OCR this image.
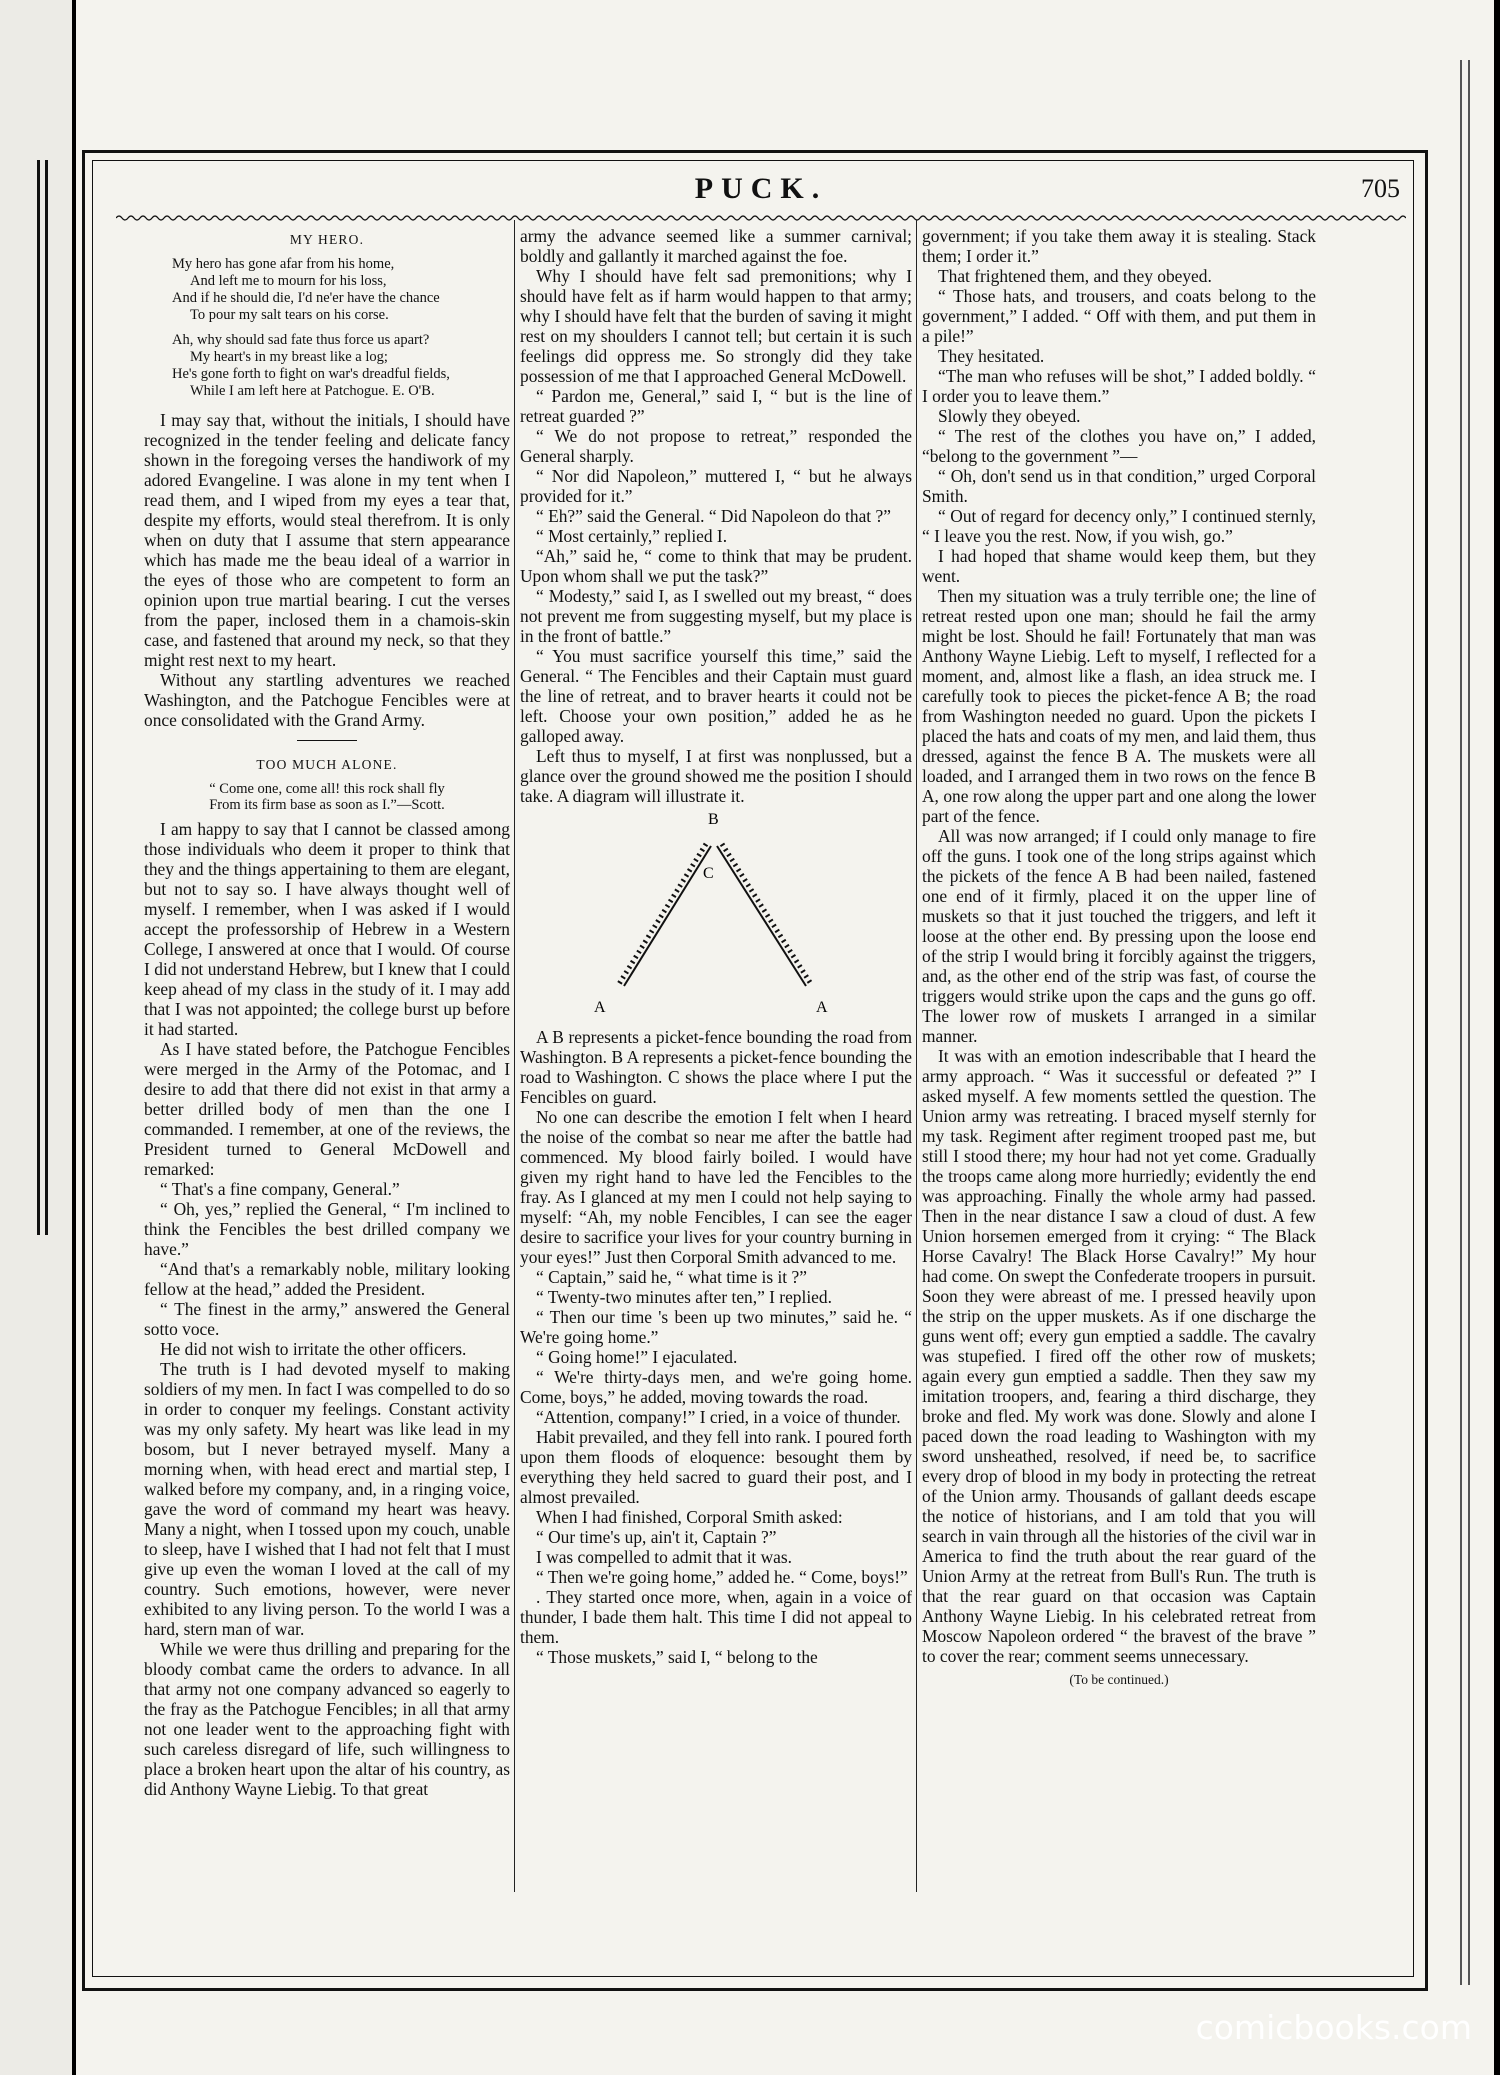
PUCK.	705
MY HERO.
My hero has gone afar from his home,
And left me to mourn for his loss,
And if he should die, I'd ne'er have the chance
To pour my salt tears on his corse.
Ah, why should sad fate thus force us apart?
My heart's in my breast like a log;
He's gone forth to fight on war's dreadful fields,
While I am left here at Patchogue. E. O'B.

I may say that, without the initials, I should have recognized in the tender feeling and delicate fancy shown in the foregoing verses the handiwork of my adored Evangeline. I was alone in my tent when I read them, and I wiped from my eyes a tear that, despite my efforts, would steal therefrom. It is only when on duty that I assume that stern appearance which has made me the beau ideal of a warrior in the eyes of those who are competent to form an opinion upon true martial bearing. I cut the verses from the paper, inclosed them in a chamois-skin case, and fastened that around my neck, so that they might rest next to my heart.

Without any startling adventures we reached Washington, and the Patchogue Fencibles were at once consolidated with the Grand Army.

TOO MUCH ALONE.
“ Come one, come all! this rock shall fly
From its firm base as soon as I.”—Scott.

I am happy to say that I cannot be classed among those individuals who deem it proper to think that they and the things appertaining to them are elegant, but not to say so. I have always thought well of myself. I remember, when I was asked if I would accept the professorship of Hebrew in a Western College, I answered at once that I would. Of course I did not understand Hebrew, but I knew that I could keep ahead of my class in the study of it. I may add that I was not appointed; the college burst up before it had started.

As I have stated before, the Patchogue Fencibles were merged in the Army of the Potomac, and I desire to add that there did not exist in that army a better drilled body of men than the one I commanded. I remember, at one of the reviews, the President turned to General McDowell and remarked:

“ That's a fine company, General.”

“ Oh, yes,” replied the General, “ I'm inclined to think the Fencibles the best drilled company we have.”

“And that's a remarkably noble, military looking fellow at the head,” added the President.

“ The finest in the army,” answered the General sotto voce.

He did not wish to irritate the other officers.

The truth is I had devoted myself to making soldiers of my men. In fact I was compelled to do so in order to conquer my feelings. Constant activity was my only safety. My heart was like lead in my bosom, but I never betrayed myself. Many a morning when, with head erect and martial step, I walked before my company, and, in a ringing voice, gave the word of command my heart was heavy. Many a night, when I tossed upon my couch, unable to sleep, have I wished that I had not felt that I must give up even the woman I loved at the call of my country. Such emotions, however, were never exhibited to any living person. To the world I was a hard, stern man of war.

While we were thus drilling and preparing for the bloody combat came the orders to advance. In all that army not one company advanced so eagerly to the fray as the Patchogue Fencibles; in all that army not one leader went to the approaching fight with such careless disregard of life, such willingness to place a broken heart upon the altar of his country, as did Anthony Wayne Liebig. To that great

army the advance seemed like a summer carnival; boldly and gallantly it marched against the foe.

Why I should have felt sad premonitions; why I should have felt as if harm would happen to that army; why I should have felt that the burden of saving it might rest on my shoulders I cannot tell; but certain it is such feelings did oppress me. So strongly did they take possession of me that I approached General McDowell.

“ Pardon me, General,” said I, “ but is the line of retreat guarded ?”

“ We do not propose to retreat,” responded the General sharply.

“ Nor did Napoleon,” muttered I, “ but he always provided for it.”

“ Eh?” said the General. “ Did Napoleon do that ?”

“ Most certainly,” replied I.

“Ah,” said he, “ come to think that may be prudent. Upon whom shall we put the task?”

“ Modesty,” said I, as I swelled out my breast, “ does not prevent me from suggesting myself, but my place is in the front of battle.”

“ You must sacrifice yourself this time,” said the General. “ The Fencibles and their Captain must guard the line of retreat, and to braver hearts it could not be left. Choose your own position,” added he as he galloped away.

Left thus to myself, I at first was nonplussed, but a glance over the ground showed me the position I should take. A diagram will illustrate it.

B
C
A	A

A B represents a picket-fence bounding the road from Washington. B A represents a picket-fence bounding the road to Washington. C shows the place where I put the Fencibles on guard.

No one can describe the emotion I felt when I heard the noise of the combat so near me after the battle had commenced. My blood fairly boiled. I would have given my right hand to have led the Fencibles to the fray. As I glanced at my men I could not help saying to myself: “Ah, my noble Fencibles, I can see the eager desire to sacrifice your lives for your country burning in your eyes!” Just then Corporal Smith advanced to me.

“ Captain,” said he, “ what time is it ?”

“ Twenty-two minutes after ten,” I replied.

“ Then our time 's been up two minutes,” said he. “ We're going home.”

“ Going home!” I ejaculated.

“ We're thirty-days men, and we're going home. Come, boys,” he added, moving towards the road.

“Attention, company!” I cried, in a voice of thunder.

Habit prevailed, and they fell into rank. I poured forth upon them floods of eloquence: besought them by everything they held sacred to guard their post, and I almost prevailed.

When I had finished, Corporal Smith asked:

“ Our time's up, ain't it, Captain ?”

I was compelled to admit that it was.

“ Then we're going home,” added he. “ Come, boys!”

. They started once more, when, again in a voice of thunder, I bade them halt. This time I did not appeal to them.

“ Those muskets,” said I, “ belong to the

government; if you take them away it is stealing. Stack them; I order it.”

That frightened them, and they obeyed.

“ Those hats, and trousers, and coats belong to the government,” I added. “ Off with them, and put them in a pile!”

They hesitated.

“The man who refuses will be shot,” I added boldly. “ I order you to leave them.”

Slowly they obeyed.

“ The rest of the clothes you have on,” I added, “belong to the government ”—

“ Oh, don't send us in that condition,” urged Corporal Smith.

“ Out of regard for decency only,” I continued sternly, “ I leave you the rest. Now, if you wish, go.”

I had hoped that shame would keep them, but they went.

Then my situation was a truly terrible one; the line of retreat rested upon one man; should he fail the army might be lost. Should he fail! Fortunately that man was Anthony Wayne Liebig. Left to myself, I reflected for a moment, and, almost like a flash, an idea struck me. I carefully took to pieces the picket-fence A B; the road from Washington needed no guard. Upon the pickets I placed the hats and coats of my men, and laid them, thus dressed, against the fence B A. The muskets were all loaded, and I arranged them in two rows on the fence B A, one row along the upper part and one along the lower part of the fence.

All was now arranged; if I could only manage to fire off the guns. I took one of the long strips against which the pickets of the fence A B had been nailed, fastened one end of it firmly, placed it on the upper line of muskets so that it just touched the triggers, and left it loose at the other end. By pressing upon the loose end of the strip I would bring it forcibly against the triggers, and, as the other end of the strip was fast, of course the triggers would strike upon the caps and the guns go off. The lower row of muskets I arranged in a similar manner.

It was with an emotion indescribable that I heard the army approach. “ Was it successful or defeated ?” I asked myself. A few moments settled the question. The Union army was retreating. I braced myself sternly for my task. Regiment after regiment trooped past me, but still I stood there; my hour had not yet come. Gradually the troops came along more hurriedly; evidently the end was approaching. Finally the whole army had passed. Then in the near distance I saw a cloud of dust. A few Union horsemen emerged from it crying: “ The Black Horse Cavalry! The Black Horse Cavalry!” My hour had come. On swept the Confederate troopers in pursuit. Soon they were abreast of me. I pressed heavily upon the strip on the upper muskets. As if one discharge the guns went off; every gun emptied a saddle. The cavalry was stupefied. I fired off the other row of muskets; again every gun emptied a saddle. Then they saw my imitation troopers, and, fearing a third discharge, they broke and fled. My work was done. Slowly and alone I paced down the road leading to Washington with my sword unsheathed, resolved, if need be, to sacrifice every drop of blood in my body in protecting the retreat of the Union army. Thousands of gallant deeds escape the notice of historians, and I am told that you will search in vain through all the histories of the civil war in America to find the truth about the rear guard of the Union Army at the retreat from Bull's Run. The truth is that the rear guard on that occasion was Captain Anthony Wayne Liebig. In his celebrated retreat from Moscow Napoleon ordered “ the bravest of the brave ” to cover the rear; comment seems unnecessary.

(To be continued.)
comicbooks.com
